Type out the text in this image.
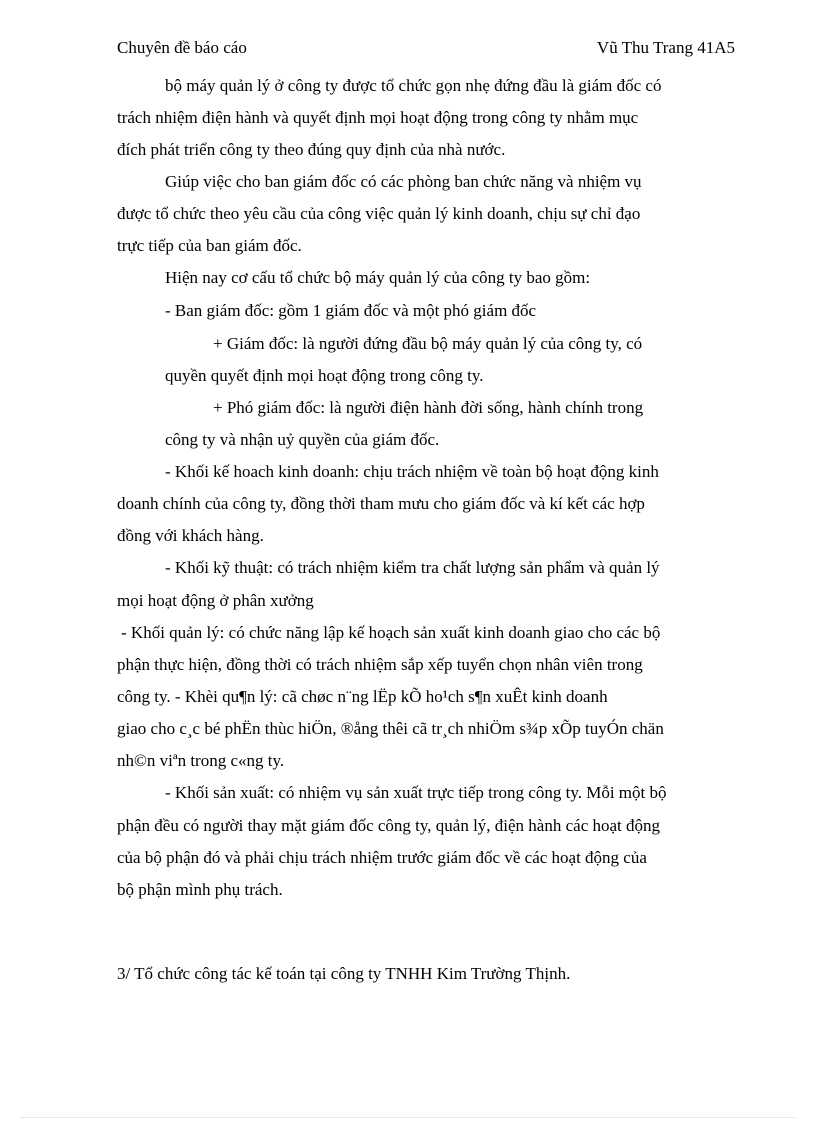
Chuyên đề báo cáo	Vũ Thu Trang 41A5
bộ máy quản lý ở công ty được tổ chức gọn nhẹ đứng đầu là giám đốc có
trách nhiệm điện hành và quyết định mọi hoạt động trong công ty nhằm mục
đích phát triển công ty theo đúng quy định của nhà nước.
Giúp việc cho ban giám đốc có các phòng ban chức năng và nhiệm vụ
được tổ chức theo yêu cầu của công việc quản lý kinh doanh, chịu sự chỉ đạo
trực tiếp của ban giám đốc.
Hiện nay cơ cấu tổ chức bộ máy quản lý của công ty bao gồm:
- Ban giám đốc: gồm 1 giám đốc và một phó giám đốc
+ Giám đốc: là người đứng đầu bộ máy quản lý của công ty, có
quyền quyết định mọi hoạt động trong công ty.
+ Phó giám đốc: là người điện hành đời sống, hành chính trong
công ty và nhận uỷ quyền của giám đốc.
- Khối kế hoach kinh doanh: chịu trách nhiệm về toàn bộ hoạt động kinh
doanh chính của công ty, đồng thời tham mưu cho giám đốc và kí kết các hợp
đồng với khách hàng.
- Khối kỹ thuật: có trách nhiệm kiểm tra chất lượng sản phẩm và quản lý
mọi hoạt động ở phân xưởng
- Khối quản lý: có chức năng lập kế hoạch sản xuất kinh doanh giao cho các bộ
phận thực hiện, đồng thời có trách nhiệm sắp xếp tuyển chọn nhân viên trong
công ty. - Khèi qu¶n lý: cã chøc n¨ng lËp kÕ ho¹ch s¶n xuÊt kinh doanh
giao cho c¸c bé phËn thùc hiÖn, ®ång thêi cã tr¸ch nhiÖm s¾p xÕp tuyÓn chän
nh©n viªn trong c«ng ty.
- Khối sản xuất: có nhiệm vụ sản xuất trực tiếp trong công ty. Mỗi một bộ
phận đều có người thay mặt giám đốc công ty, quản lý, điện hành các hoạt động
của bộ phận đó và phải chịu trách nhiệm trước giám đốc về các hoạt động của
bộ phận mình phụ trách.
3/ Tổ chức công tác kế toán tại công ty TNHH Kim Trường Thịnh.
